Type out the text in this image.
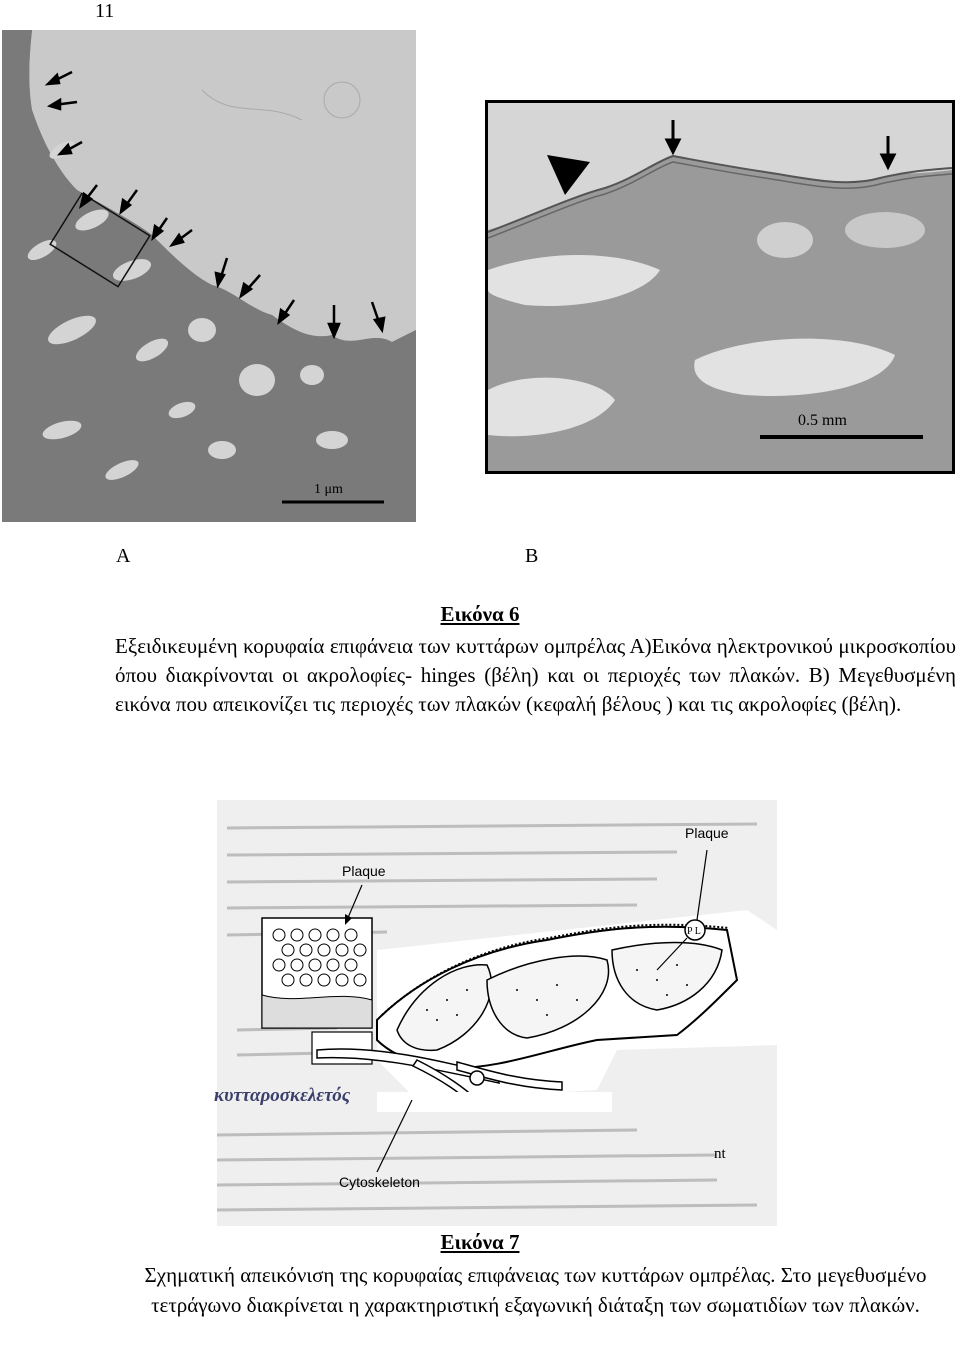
11
1 μm
0.5 mm
A	B
Εικόνα 6
Εξειδικευμένη κορυφαία επιφάνεια των κυττάρων ομπρέλας Α)Εικόνα ηλεκτρονικού μικροσκοπίου όπου διακρίνονται οι ακρολοφίες- hinges (βέλη) και οι περιοχές των πλακών. Β) Μεγεθυσμένη εικόνα που απεικονίζει τις περιοχές των πλακών (κεφαλή βέλους ) και τις ακρολοφίες (βέλη).
P L
Plaque
Plaque
Cytoskeleton
nt
κυτταροσκελετός
Εικόνα 7
Σχηματική απεικόνιση της κορυφαίας επιφάνειας των κυττάρων ομπρέλας. Στο μεγεθυσμένο τετράγωνο διακρίνεται η χαρακτηριστική εξαγωνική διάταξη των σωματιδίων των πλακών.
